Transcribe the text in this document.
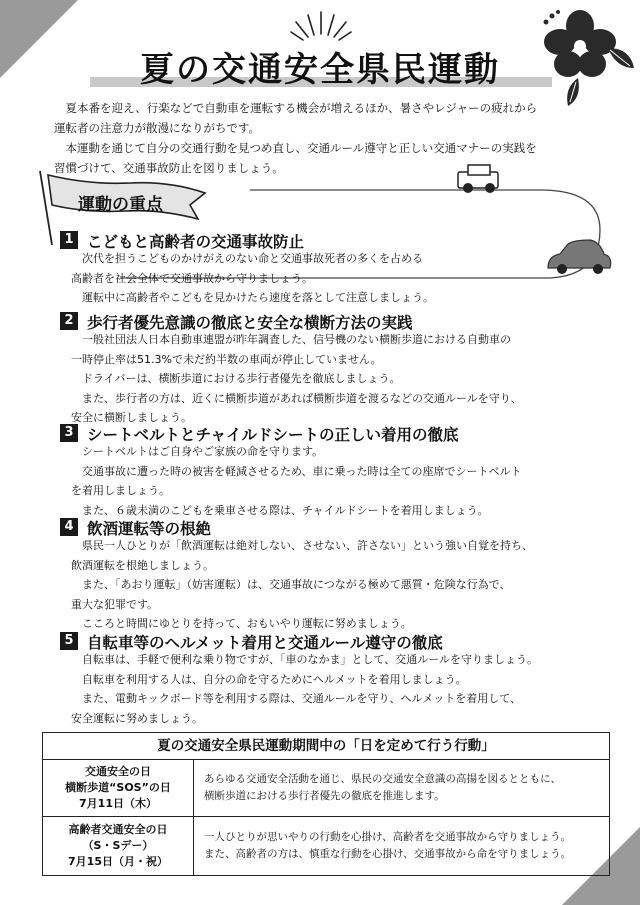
夏の交通安全県民運動

　夏本番を迎え、行楽などで自動車を運転する機会が増えるほか、暑さやレジャーの疲れから

運転者の注意力が散漫になりがちです。

　本運動を通じて自分の交通行動を見つめ直し、交通ルール遵守と正しい交通マナーの実践を

習慣づけて、交通事故防止を図りましょう。

運動の重点
1 こどもと高齢者の交通事故防止

　　次代を担うこどものかけがえのない命と交通事故死者の多くを占める

　高齢者を社会全体で交通事故から守りましょう。

　　運転中に高齢者やこどもを見かけたら速度を落として注意しましょう。

2 歩行者優先意識の徹底と安全な横断方法の実践

　　一般社団法人日本自動車連盟が昨年調査した、信号機のない横断歩道における自動車の

　一時停止率は51.3%で未だ約半数の車両が停止していません。

　　ドライバーは、横断歩道における歩行者優先を徹底しましょう。

　　また、歩行者の方は、近くに横断歩道があれば横断歩道を渡るなどの交通ルールを守り、

　安全に横断しましょう。

3 シートベルトとチャイルドシートの正しい着用の徹底

　　シートベルトはご自身やご家族の命を守ります。

　　交通事故に遭った時の被害を軽減させるため、車に乗った時は全ての座席でシートベルト

　を着用しましょう。

　　また、６歳未満のこどもを乗車させる際は、チャイルドシートを着用しましょう。

4 飲酒運転等の根絶

　　県民一人ひとりが「飲酒運転は絶対しない、させない、許さない」という強い自覚を持ち、

　飲酒運転を根絶しましょう。

　　また、「あおり運転」（妨害運転）は、交通事故につながる極めて悪質・危険な行為で、

　重大な犯罪です。

　　こころと時間にゆとりを持って、おもいやり運転に努めましょう。

5 自転車等のヘルメット着用と交通ルール遵守の徹底

　　自転車は、手軽で便利な乗り物ですが、「車のなかま」として、交通ルールを守りましょう。

　　自転車を利用する人は、自分の命を守るためにヘルメットを着用しましょう。

　　また、電動キックボード等を利用する際は、交通ルールを守り、ヘルメットを着用して、

　安全運転に努めましょう。

夏の交通安全県民運動期間中の「日を定めて行う行動」
交通安全の日
横断歩道“SOS”の日
7月11日（木）
あらゆる交通安全活動を通じ、県民の交通安全意識の高揚を図るとともに、
横断歩道における歩行者優先の徹底を推進します。
高齢者交通安全の日
（S・Sデー）
7月15日（月・祝）
一人ひとりが思いやりの行動を心掛け、高齢者を交通事故から守りましょう。
また、高齢者の方は、慎重な行動を心掛け、交通事故から命を守りましょう。
